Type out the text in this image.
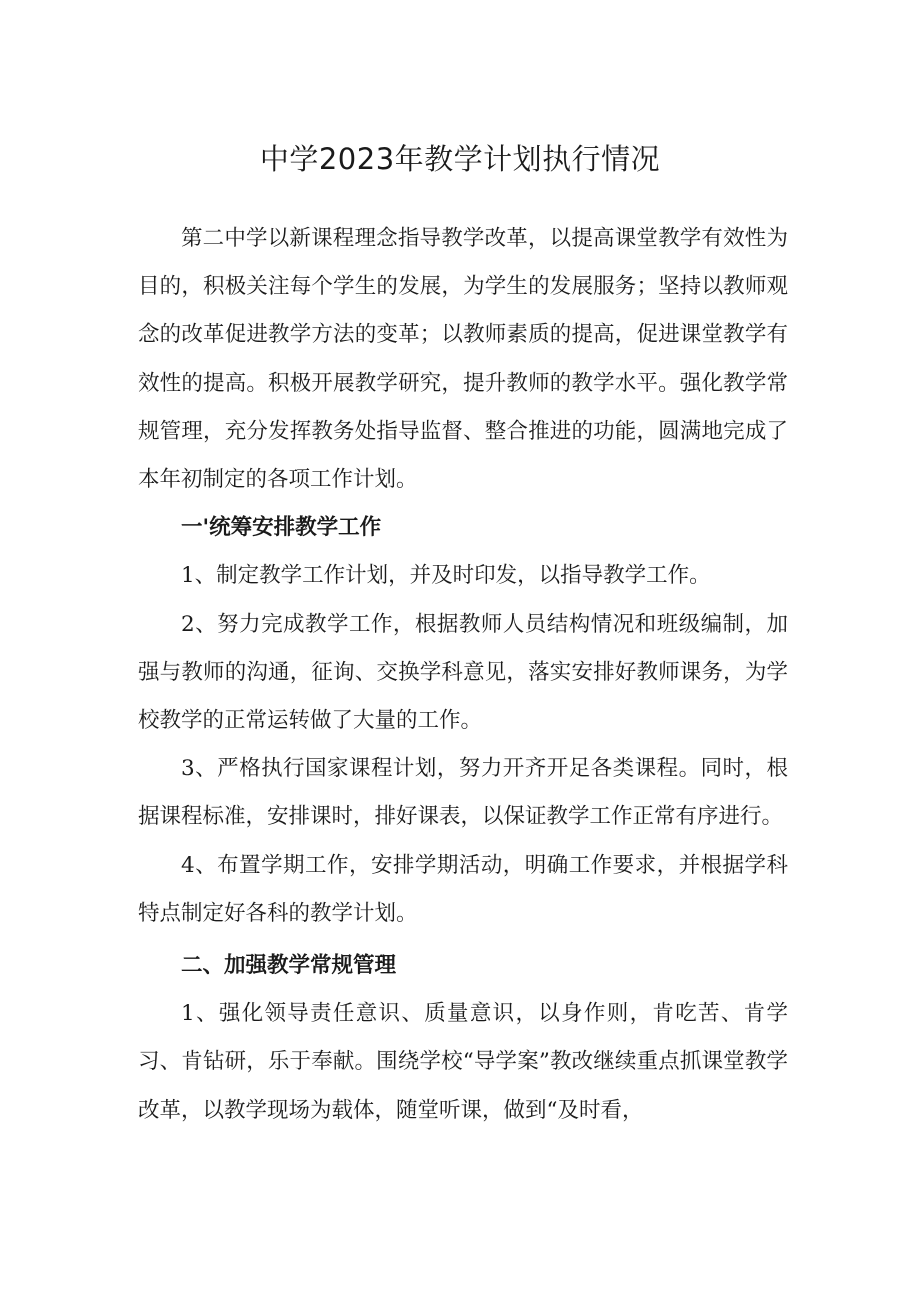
中学2023年教学计划执行情况

第二中学以新课程理念指导教学改革，以提高课堂教学有效性为目的，积极关注每个学生的发展，为学生的发展服务；坚持以教师观念的改革促进教学方法的变革；以教师素质的提高，促进课堂教学有效性的提高。积极开展教学研究，提升教师的教学水平。强化教学常规管理，充分发挥教务处指导监督、整合推进的功能，圆满地完成了本年初制定的各项工作计划。

一'统筹安排教学工作

1、制定教学工作计划，并及时印发，以指导教学工作。

2、努力完成教学工作，根据教师人员结构情况和班级编制，加强与教师的沟通，征询、交换学科意见，落实安排好教师课务，为学校教学的正常运转做了大量的工作。

3、严格执行国家课程计划，努力开齐开足各类课程。同时，根据课程标准，安排课时，排好课表，以保证教学工作正常有序进行。

4、布置学期工作，安排学期活动，明确工作要求，并根据学科特点制定好各科的教学计划。

二、加强教学常规管理

1、强化领导责任意识、质量意识，以身作则，肯吃苦、肯学习、肯钻研，乐于奉献。围绕学校“导学案”教改继续重点抓课堂教学改革，以教学现场为载体，随堂听课，做到“及时看，
